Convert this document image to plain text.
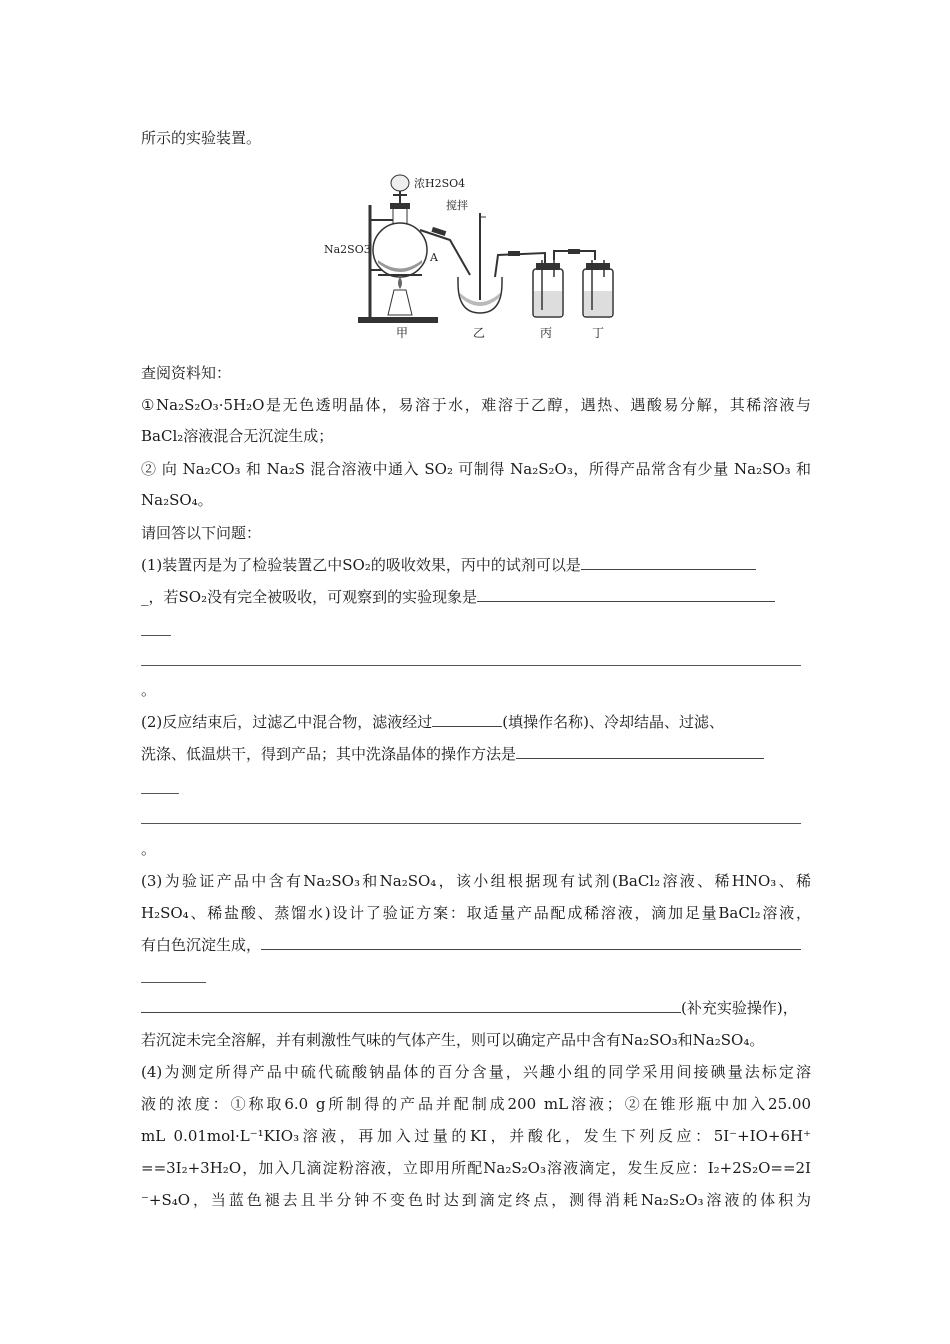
所示的实验装置。
浓H2SO4
搅拌
Na2SO3
A
甲	乙	丙	丁
查阅资料知：
①Na₂S₂O₃·5H₂O是无色透明晶体，易溶于水，难溶于乙醇，遇热、遇酸易分解，其稀溶液与
BaCl₂溶液混合无沉淀生成；
② 向 Na₂CO₃ 和 Na₂S 混合溶液中通入 SO₂ 可制得 Na₂S₂O₃，所得产品常含有少量 Na₂SO₃ 和
Na₂SO₄。
请回答以下问题：
(1)装置丙是为了检验装置乙中SO₂的吸收效果，丙中的试剂可以是
_，若SO₂没有完全被吸收，可观察到的实验现象是
。
(2)反应结束后，过滤乙中混合物，滤液经过	(填操作名称)、冷却结晶、过滤、
洗涤、低温烘干，得到产品；其中洗涤晶体的操作方法是
。
(3)为验证产品中含有Na₂SO₃和Na₂SO₄，该小组根据现有试剂(BaCl₂溶液、稀HNO₃、稀
H₂SO₄、稀盐酸、蒸馏水)设计了验证方案：取适量产品配成稀溶液，滴加足量BaCl₂溶液，
有白色沉淀生成，
(补充实验操作)，
若沉淀未完全溶解，并有刺激性气味的气体产生，则可以确定产品中含有Na₂SO₃和Na₂SO₄。
(4)为测定所得产品中硫代硫酸钠晶体的百分含量，兴趣小组的同学采用间接碘量法标定溶
液的浓度：①称取6.0 g所制得的产品并配制成200 mL溶液；②在锥形瓶中加入25.00
mL 0.01mol·L⁻¹KIO₃溶液，再加入过量的KI，并酸化，发生下列反应：5I⁻+IO+6H⁺
==3I₂+3H₂O，加入几滴淀粉溶液，立即用所配Na₂S₂O₃溶液滴定，发生反应：I₂+2S₂O==2I
⁻+S₄O，当蓝色褪去且半分钟不变色时达到滴定终点，测得消耗Na₂S₂O₃溶液的体积为
